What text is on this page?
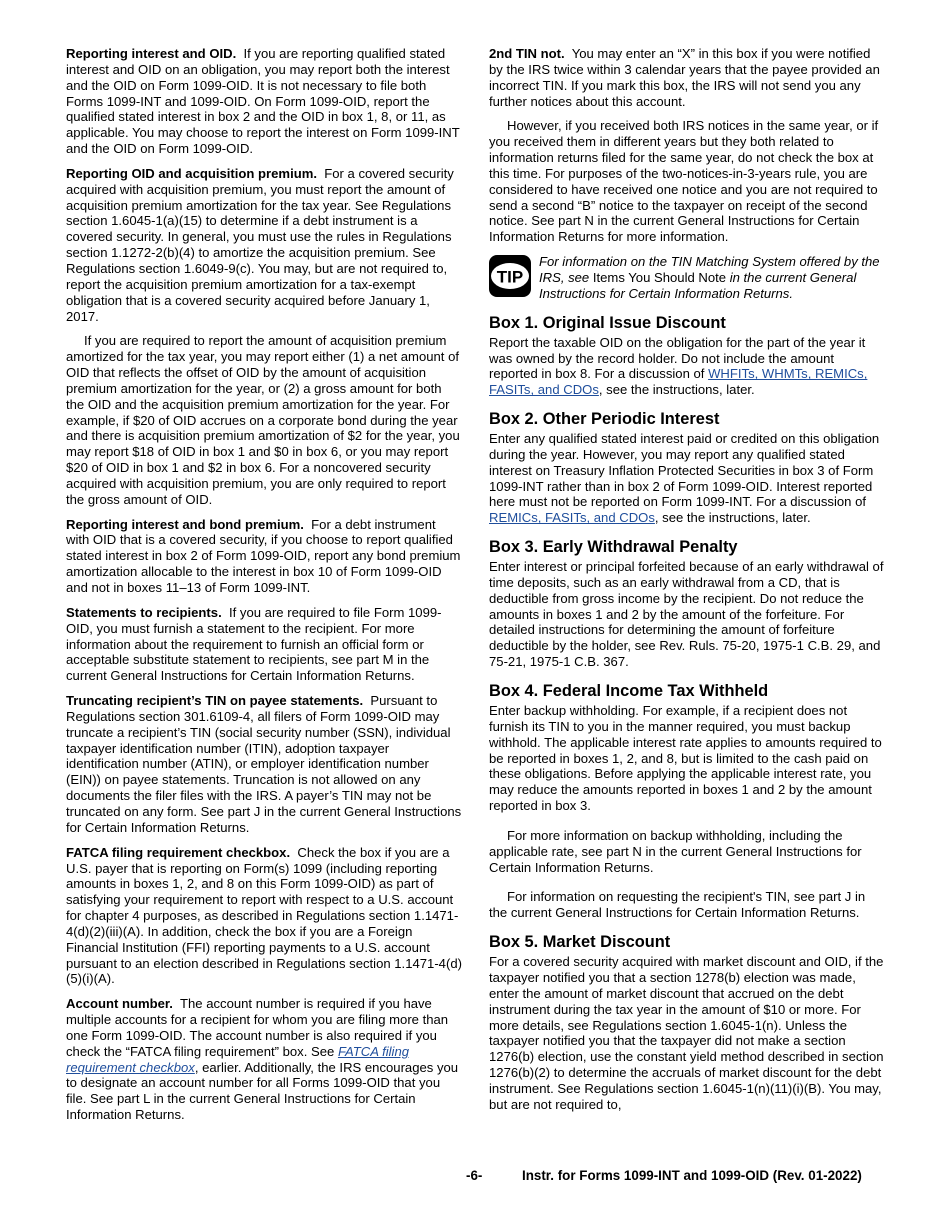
Reporting interest and OID. If you are reporting qualified stated interest and OID on an obligation, you may report both the interest and the OID on Form 1099-OID. It is not necessary to file both Forms 1099-INT and 1099-OID. On Form 1099-OID, report the qualified stated interest in box 2 and the OID in box 1, 8, or 11, as applicable. You may choose to report the interest on Form 1099-INT and the OID on Form 1099-OID.

Reporting OID and acquisition premium. For a covered security acquired with acquisition premium, you must report the amount of acquisition premium amortization for the tax year. See Regulations section 1.6045-1(a)(15) to determine if a debt instrument is a covered security. In general, you must use the rules in Regulations section 1.1272-2(b)(4) to amortize the acquisition premium. See Regulations section 1.6049-9(c). You may, but are not required to, report the acquisition premium amortization for a tax-exempt obligation that is a covered security acquired before January 1, 2017.

If you are required to report the amount of acquisition premium amortized for the tax year, you may report either (1) a net amount of OID that reflects the offset of OID by the amount of acquisition premium amortization for the year, or (2) a gross amount for both the OID and the acquisition premium amortization for the year. For example, if $20 of OID accrues on a corporate bond during the year and there is acquisition premium amortization of $2 for the year, you may report $18 of OID in box 1 and $0 in box 6, or you may report $20 of OID in box 1 and $2 in box 6. For a noncovered security acquired with acquisition premium, you are only required to report the gross amount of OID.

Reporting interest and bond premium. For a debt instrument with OID that is a covered security, if you choose to report qualified stated interest in box 2 of Form 1099-OID, report any bond premium amortization allocable to the interest in box 10 of Form 1099-OID and not in boxes 11–13 of Form 1099-INT.

Statements to recipients. If you are required to file Form 1099-OID, you must furnish a statement to the recipient. For more information about the requirement to furnish an official form or acceptable substitute statement to recipients, see part M in the current General Instructions for Certain Information Returns.

Truncating recipient’s TIN on payee statements. Pursuant to Regulations section 301.6109-4, all filers of Form 1099-OID may truncate a recipient’s TIN (social security number (SSN), individual taxpayer identification number (ITIN), adoption taxpayer identification number (ATIN), or employer identification number (EIN)) on payee statements. Truncation is not allowed on any documents the filer files with the IRS. A payer’s TIN may not be truncated on any form. See part J in the current General Instructions for Certain Information Returns.

FATCA filing requirement checkbox. Check the box if you are a U.S. payer that is reporting on Form(s) 1099 (including reporting amounts in boxes 1, 2, and 8 on this Form 1099-OID) as part of satisfying your requirement to report with respect to a U.S. account for chapter 4 purposes, as described in Regulations section 1.1471-4(d)(2)(iii)(A). In addition, check the box if you are a Foreign Financial Institution (FFI) reporting payments to a U.S. account pursuant to an election described in Regulations section 1.1471-4(d)(5)(i)(A).

Account number. The account number is required if you have multiple accounts for a recipient for whom you are filing more than one Form 1099-OID. The account number is also required if you check the “FATCA filing requirement” box. See FATCA filing requirement checkbox, earlier. Additionally, the IRS encourages you to designate an account number for all Forms 1099-OID that you file. See part L in the current General Instructions for Certain Information Returns.

2nd TIN not. You may enter an “X” in this box if you were notified by the IRS twice within 3 calendar years that the payee provided an incorrect TIN. If you mark this box, the IRS will not send you any further notices about this account.

However, if you received both IRS notices in the same year, or if you received them in different years but they both related to information returns filed for the same year, do not check the box at this time. For purposes of the two-notices-in-3-years rule, you are considered to have received one notice and you are not required to send a second “B” notice to the taxpayer on receipt of the second notice. See part N in the current General Instructions for Certain Information Returns for more information.

TIP
For information on the TIN Matching System offered by the IRS, see Items You Should Note in the current General Instructions for Certain Information Returns.
Box 1. Original Issue Discount

Report the taxable OID on the obligation for the part of the year it was owned by the record holder. Do not include the amount reported in box 8. For a discussion of WHFITs, WHMTs, REMICs, FASITs, and CDOs, see the instructions, later.

Box 2. Other Periodic Interest

Enter any qualified stated interest paid or credited on this obligation during the year. However, you may report any qualified stated interest on Treasury Inflation Protected Securities in box 3 of Form 1099-INT rather than in box 2 of Form 1099-OID. Interest reported here must not be reported on Form 1099-INT. For a discussion of REMICs, FASITs, and CDOs, see the instructions, later.

Box 3. Early Withdrawal Penalty

Enter interest or principal forfeited because of an early withdrawal of time deposits, such as an early withdrawal from a CD, that is deductible from gross income by the recipient. Do not reduce the amounts in boxes 1 and 2 by the amount of the forfeiture. For detailed instructions for determining the amount of forfeiture deductible by the holder, see Rev. Ruls. 75-20, 1975-1 C.B. 29, and 75-21, 1975-1 C.B. 367.

Box 4. Federal Income Tax Withheld

Enter backup withholding. For example, if a recipient does not furnish its TIN to you in the manner required, you must backup withhold. The applicable interest rate applies to amounts required to be reported in boxes 1, 2, and 8, but is limited to the cash paid on these obligations. Before applying the applicable interest rate, you may reduce the amounts reported in boxes 1 and 2 by the amount reported in box 3.

For more information on backup withholding, including the applicable rate, see part N in the current General Instructions for Certain Information Returns.

For information on requesting the recipient's TIN, see part J in the current General Instructions for Certain Information Returns.

Box 5. Market Discount

For a covered security acquired with market discount and OID, if the taxpayer notified you that a section 1278(b) election was made, enter the amount of market discount that accrued on the debt instrument during the tax year in the amount of $10 or more. For more details, see Regulations section 1.6045-1(n). Unless the taxpayer notified you that the taxpayer did not make a section 1276(b) election, use the constant yield method described in section 1276(b)(2) to determine the accruals of market discount for the debt instrument. See Regulations section 1.6045-1(n)(11)(i)(B). You may, but are not required to,

-6-	Instr. for Forms 1099-INT and 1099-OID (Rev. 01-2022)
